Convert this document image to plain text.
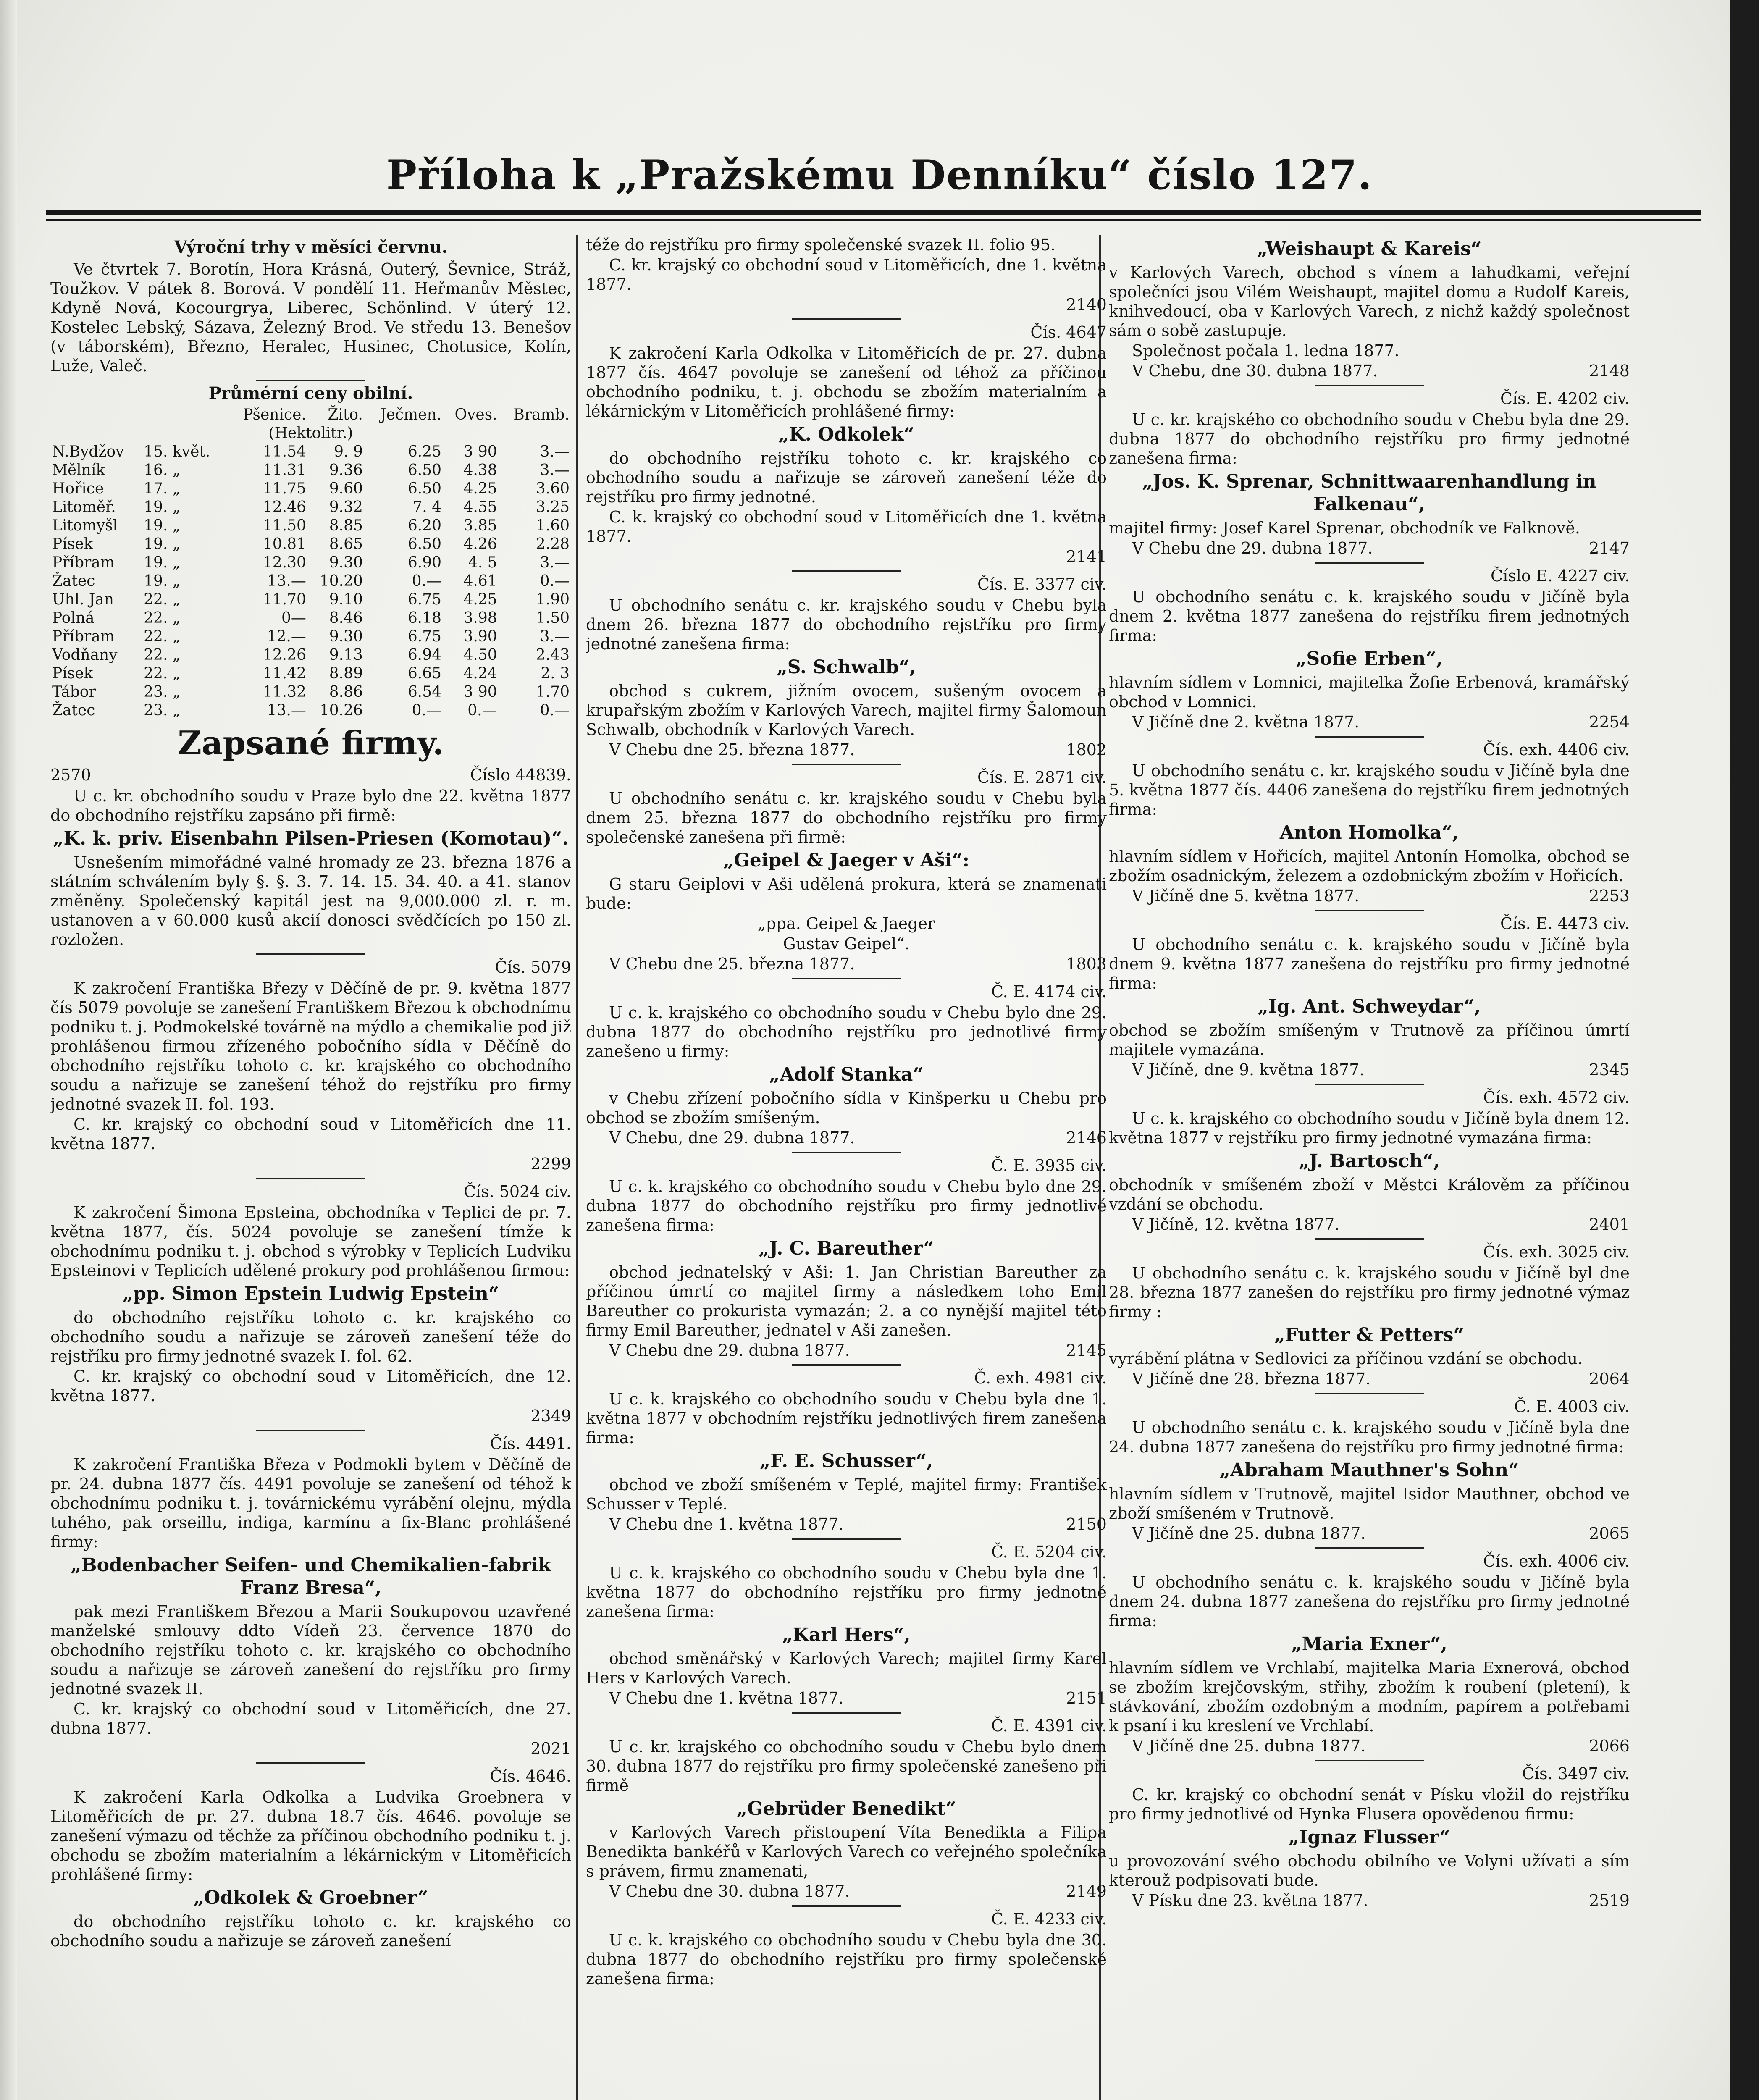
Příloha k „Pražskému Denníku“ číslo 127.
Výroční trhy v měsíci červnu.

Ve čtvrtek 7. Borotín, Hora Krásná, Outerý, Ševnice, Stráž, Toužkov. V pátek 8. Borová. V pondělí 11. Heřmanův Městec, Kdyně Nová, Kocourgrya, Liberec, Schönlind. V úterý 12. Kostelec Lebský, Sázava, Železný Brod. Ve středu 13. Benešov (v táborském), Březno, Heralec, Husinec, Chotusice, Kolín, Luže, Valeč.

Průmérní ceny obilní.
		Pšenice.	Žito.	Ječmen.	Oves.	Bramb.
(Hektolitr.)						
N.Bydžov	15. květ.	11.54	9. 9	6.25	3 90	3.—
Mělník	16. „	11.31	9.36	6.50	4.38	3.—
Hořice	17. „	11.75	9.60	6.50	4.25	3.60
Litoměř.	19. „	12.46	9.32	7. 4	4.55	3.25
Litomyšl	19. „	11.50	8.85	6.20	3.85	1.60
Písek	19. „	10.81	8.65	6.50	4.26	2.28
Příbram	19. „	12.30	9.30	6.90	4. 5	3.—
Žatec	19. „	13.—	10.20	0.—	4.61	0.—
Uhl. Jan	22. „	11.70	9.10	6.75	4.25	1.90
Polná	22. „	0—	8.46	6.18	3.98	1.50
Příbram	22. „	12.—	9.30	6.75	3.90	3.—
Vodňany	22. „	12.26	9.13	6.94	4.50	2.43
Písek	22. „	11.42	8.89	6.65	4.24	2. 3
Tábor	23. „	11.32	8.86	6.54	3 90	1.70
Žatec	23. „	13.—	10.26	0.—	0.—	0.—
Zapsané firmy.
2570	Číslo 44839.

U c. kr. obchodního soudu v Praze bylo dne 22. května 1877 do obchodního rejstříku zapsáno při firmě:

„K. k. priv. Eisenbahn Pilsen-Priesen (Komotau)“.

Usnešením mimořádné valné hromady ze 23. března 1876 a státním schválením byly §. §. 3. 7. 14. 15. 34. 40. a 41. stanov změněny. Společenský kapitál jest na 9,000.000 zl. r. m. ustanoven a v 60.000 kusů akcií donosci svědčících po 150 zl. rozložen.

Čís. 5079

K zakročení Františka Březy v Děčíně de pr. 9. května 1877 čís 5079 povoluje se zanešení Františkem Březou k obchodnímu podniku t. j. Podmokelské továrně na mýdlo a chemikalie pod již prohlášenou firmou zřízeného pobočního sídla v Děčíně do obchodního rejstříku tohoto c. kr. krajského co obchodního soudu a nařizuje se zanešení téhož do rejstříku pro firmy jednotné svazek II. fol. 193.

C. kr. krajský co obchodní soud v Litoměřicích dne 11. května 1877.

2299
Čís. 5024 civ.

K zakročení Šimona Epsteina, obchodníka v Teplici de pr. 7. května 1877, čís. 5024 povoluje se zanešení tímže k obchodnímu podniku t. j. obchod s výrobky v Teplicích Ludviku Epsteinovi v Teplicích udělené prokury pod prohlášenou firmou:

„pp. Simon Epstein Ludwig Epstein“

do obchodního rejstříku tohoto c. kr. krajského co obchodního soudu a nařizuje se zároveň zanešení téže do rejstříku pro firmy jednotné svazek I. fol. 62.

C. kr. krajský co obchodní soud v Litoměřicích, dne 12. května 1877.

2349
Čís. 4491.

K zakročení Františka Březa v Podmokli bytem v Děčíně de pr. 24. dubna 1877 čís. 4491 povoluje se zanešení od téhož k obchodnímu podniku t. j. továrnickému vyrábění olejnu, mýdla tuhého, pak orseillu, indiga, karmínu a fix-Blanc prohlášené firmy:

„Bodenbacher Seifen- und Chemikalien-fabrik Franz Bresa“,

pak mezi Františkem Březou a Marii Soukupovou uzavřené manželské smlouvy ddto Vídeň 23. července 1870 do obchodního rejstříku tohoto c. kr. krajského co obchodního soudu a nařizuje se zároveň zanešení do rejstříku pro firmy jednotné svazek II.

C. kr. krajský co obchodní soud v Litoměřicích, dne 27. dubna 1877.

2021
Čís. 4646.

K zakročení Karla Odkolka a Ludvika Groebnera v Litoměřicích de pr. 27. dubna 18.7 čís. 4646. povoluje se zanešení výmazu od těchže za příčinou obchodního podniku t. j. obchodu se zbožím materialním a lékárnickým v Litoměřicích prohlášené firmy:

„Odkolek & Groebner“

do obchodního rejstříku tohoto c. kr. krajského co obchodního soudu a nařizuje se zároveň zanešení

téže do rejstříku pro firmy společenské svazek II. folio 95.

C. kr. krajský co obchodní soud v Litoměřicích, dne 1. května 1877.

2140
Čís. 4647

K zakročení Karla Odkolka v Litoměřicích de pr. 27. dubna 1877 čís. 4647 povoluje se zanešení od téhož za příčinou obchodního podniku, t. j. obchodu se zbožím materialním a lékárnickým v Litoměřicích prohlášené firmy:

„K. Odkolek“

do obchodního rejstříku tohoto c. kr. krajského co obchodního soudu a nařizuje se zároveň zanešení téže do rejstříku pro firmy jednotné.

C. k. krajský co obchodní soud v Litoměřicích dne 1. května 1877.

2141
Čís. E. 3377 civ.

U obchodního senátu c. kr. krajského soudu v Chebu byla dnem 26. března 1877 do obchodního rejstříku pro firmy jednotné zanešena firma:

„S. Schwalb“,

obchod s cukrem, jižním ovocem, sušeným ovocem a krupařským zbožím v Karlových Varech, majitel firmy Šalomoun Schwalb, obchodník v Karlových Varech.

V Chebu dne 25. března 1877.	1802

Čís. E. 2871 civ.

U obchodního senátu c. kr. krajského soudu v Chebu byla dnem 25. března 1877 do obchodního rejstříku pro firmy společenské zanešena při firmě:

„Geipel & Jaeger v Aši“:

G staru Geiplovi v Aši udělená prokura, která se znamenati bude:

„ppa. Geipel & Jaeger
Gustav Geipel“.

V Chebu dne 25. března 1877.	1803

Č. E. 4174 civ.

U c. k. krajského co obchodního soudu v Chebu bylo dne 29. dubna 1877 do obchodního rejstříku pro jednotlivé firmy zanešeno u firmy:

„Adolf Stanka“

v Chebu zřízení pobočního sídla v Kinšperku u Chebu pro obchod se zbožím smíšeným.

V Chebu, dne 29. dubna 1877.	2146

Č. E. 3935 civ.

U c. k. krajského co obchodního soudu v Chebu bylo dne 29. dubna 1877 do obchodního rejstříku pro firmy jednotlivé zanešena firma:

„J. C. Bareuther“

obchod jednatelský v Aši: 1. Jan Christian Bareuther za příčinou úmrtí co majitel firmy a následkem toho Emil Bareuther co prokurista vymazán; 2. a co nynější majitel této firmy Emil Bareuther, jednatel v Aši zanešen.

V Chebu dne 29. dubna 1877.	2145

Č. exh. 4981 civ.

U c. k. krajského co obchodního soudu v Chebu byla dne 1. května 1877 v obchodním rejstříku jednotlivých firem zanešena firma:

„F. E. Schusser“,

obchod ve zboží smíšeném v Teplé, majitel firmy: František Schusser v Teplé.

V Chebu dne 1. května 1877.	2150

Č. E. 5204 civ.

U c. k. krajského co obchodního soudu v Chebu byla dne 1. května 1877 do obchodního rejstříku pro firmy jednotné zanešena firma:

„Karl Hers“,

obchod směnářský v Karlových Varech; majitel firmy Karel Hers v Karlových Varech.

V Chebu dne 1. května 1877.	2151

Č. E. 4391 civ.

U c. kr. krajského co obchodního soudu v Chebu bylo dnem 30. dubna 1877 do rejstříku pro firmy společenské zanešeno při firmě

„Gebrüder Benedikt“

v Karlových Varech přistoupení Víta Benedikta a Filipa Benedikta bankéřů v Karlových Varech co veřejného společníka s právem, firmu znamenati,

V Chebu dne 30. dubna 1877.	2149

Č. E. 4233 civ.

U c. k. krajského co obchodního soudu v Chebu byla dne 30. dubna 1877 do obchodního rejstříku pro firmy společenské zanešena firma:

„Weishaupt & Kareis“

v Karlových Varech, obchod s vínem a lahudkami, veřejní společníci jsou Vilém Weishaupt, majitel domu a Rudolf Kareis, knihvedoucí, oba v Karlových Varech, z nichž každý společnost sám o sobě zastupuje.

Společnost počala 1. ledna 1877.

V Chebu, dne 30. dubna 1877.	2148

Čís. E. 4202 civ.

U c. kr. krajského co obchodního soudu v Chebu byla dne 29. dubna 1877 do obchodního rejstříku pro firmy jednotné zanešena firma:

„Jos. K. Sprenar, Schnittwaarenhandlung in Falkenau“,

majitel firmy: Josef Karel Sprenar, obchodník ve Falknově.

V Chebu dne 29. dubna 1877.	2147

Číslo E. 4227 civ.

U obchodního senátu c. k. krajského soudu v Jičíně byla dnem 2. května 1877 zanešena do rejstříku firem jednotných firma:

„Sofie Erben“,

hlavním sídlem v Lomnici, majitelka Žofie Erbenová, kramářský obchod v Lomnici.

V Jičíně dne 2. května 1877.	2254

Čís. exh. 4406 civ.

U obchodního senátu c. kr. krajského soudu v Jičíně byla dne 5. května 1877 čís. 4406 zanešena do rejstříku firem jednotných firma:

Anton Homolka“,

hlavním sídlem v Hořicích, majitel Antonín Homolka, obchod se zbožím osadnickým, železem a ozdobnickým zbožím v Hořicích.

V Jičíně dne 5. května 1877.	2253

Čís. E. 4473 civ.

U obchodního senátu c. k. krajského soudu v Jičíně byla dnem 9. května 1877 zanešena do rejstříku pro firmy jednotné firma:

„Ig. Ant. Schweydar“,

obchod se zbožím smíšeným v Trutnově za příčinou úmrtí majitele vymazána.

V Jičíně, dne 9. května 1877.	2345

Čís. exh. 4572 civ.

U c. k. krajského co obchodního soudu v Jičíně byla dnem 12. května 1877 v rejstříku pro firmy jednotné vymazána firma:

„J. Bartosch“,

obchodník v smíšeném zboží v Městci Králověm za příčinou vzdání se obchodu.

V Jičíně, 12. května 1877.	2401

Čís. exh. 3025 civ.

U obchodního senátu c. k. krajského soudu v Jičíně byl dne 28. března 1877 zanešen do rejstříku pro firmy jednotné výmaz firmy :

„Futter & Petters“

vyrábění plátna v Sedlovici za příčinou vzdání se obchodu.

V Jičíně dne 28. března 1877.	2064

Č. E. 4003 civ.

U obchodního senátu c. k. krajského soudu v Jičíně byla dne 24. dubna 1877 zanešena do rejstříku pro firmy jednotné firma:

„Abraham Mauthner's Sohn“

hlavním sídlem v Trutnově, majitel Isidor Mauthner, obchod ve zboží smíšeném v Trutnově.

V Jičíně dne 25. dubna 1877.	2065

Čís. exh. 4006 civ.

U obchodního senátu c. k. krajského soudu v Jičíně byla dnem 24. dubna 1877 zanešena do rejstříku pro firmy jednotné firma:

„Maria Exner“,

hlavním sídlem ve Vrchlabí, majitelka Maria Exnerová, obchod se zbožím krejčovským, střihy, zbožím k roubení (pletení), k stávkování, zbožím ozdobným a modním, papírem a potřebami k psaní i ku kreslení ve Vrchlabí.

V Jičíně dne 25. dubna 1877.	2066

Čís. 3497 civ.

C. kr. krajský co obchodní senát v Písku vložil do rejstříku pro firmy jednotlivé od Hynka Flusera opovědenou firmu:

„Ignaz Flusser“

u provozování svého obchodu obilního ve Volyni užívati a sím kterouž podpisovati bude.

V Písku dne 23. května 1877.	2519
